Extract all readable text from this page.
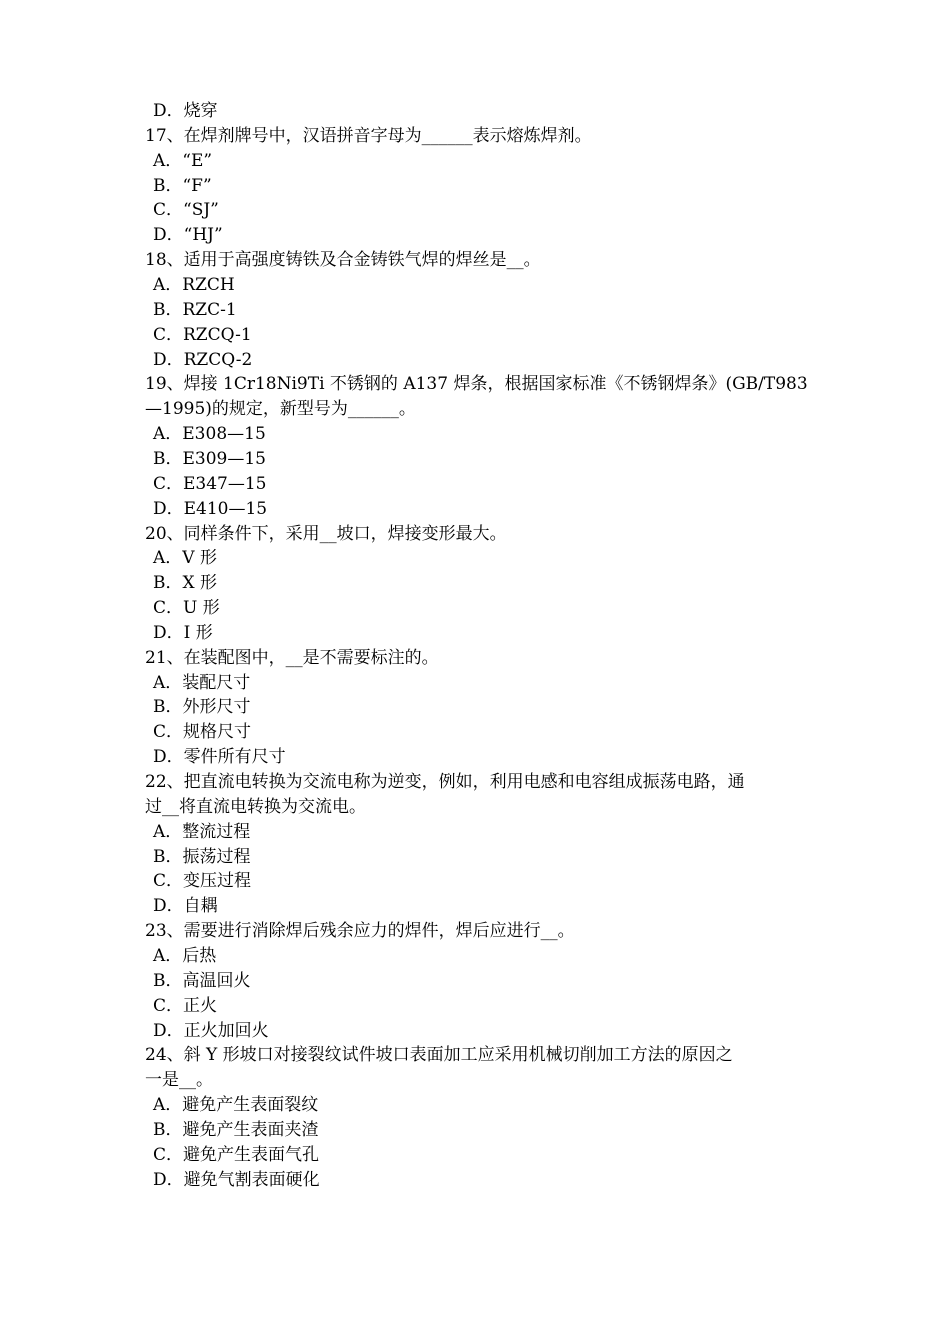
D．烧穿
17、在焊剂牌号中，汉语拼音字母为______表示熔炼焊剂。
A．“E”
B．“F”
C．“SJ”
D．“HJ”
18、适用于高强度铸铁及合金铸铁气焊的焊丝是__。
A．RZCH
B．RZC-1
C．RZCQ-1
D．RZCQ-2
19、焊接 1Cr18Ni9Ti 不锈钢的 A137 焊条，根据国家标准《不锈钢焊条》(GB/T983
—1995)的规定，新型号为______。
A．E308—15
B．E309—15
C．E347—15
D．E410—15
20、同样条件下，采用__坡口，焊接变形最大。
A．V 形
B．X 形
C．U 形
D．I 形
21、在装配图中，__是不需要标注的。
A．装配尺寸
B．外形尺寸
C．规格尺寸
D．零件所有尺寸
22、把直流电转换为交流电称为逆变，例如，利用电感和电容组成振荡电路，通
过__将直流电转换为交流电。
A．整流过程
B．振荡过程
C．变压过程
D．自耦
23、需要进行消除焊后残余应力的焊件，焊后应进行__。
A．后热
B．高温回火
C．正火
D．正火加回火
24、斜 Y 形坡口对接裂纹试件坡口表面加工应采用机械切削加工方法的原因之
一是__。
A．避免产生表面裂纹
B．避免产生表面夹渣
C．避免产生表面气孔
D．避免气割表面硬化
